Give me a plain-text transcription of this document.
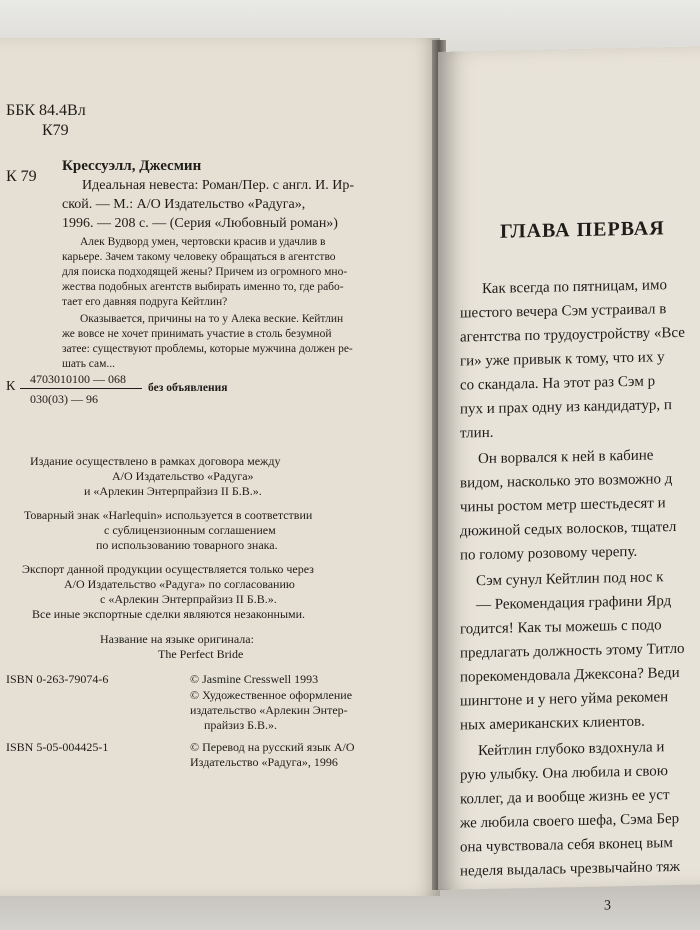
ББК 84.4Вл
К79
К 79
Крессуэлл, Джесмин
Идеальная невеста: Роман/Пер. с англ. И. Ир-
ской. — М.: А/О Издательство «Радуга»,
1996. — 208 с. — (Серия «Любовный роман»)
Алек Вудворд умен, чертовски красив и удачлив в
карьере. Зачем такому человеку обращаться в агентство
для поиска подходящей жены? Причем из огромного мно-
жества подобных агентств выбирать именно то, где рабо-
тает его давняя подруга Кейтлин?
Оказывается, причины на то у Алека веские. Кейтлин
же вовсе не хочет принимать участие в столь безумной
затее: существуют проблемы, которые мужчина должен ре-
шать сам...
К 4703010100 — 068
030(03) — 96
без объявления
Издание осуществлено в рамках договора между
А/О Издательство «Радуга»
и «Арлекин Энтерпрайзиз II Б.В.».
Товарный знак «Harlequin» используется в соответствии
с сублицензионным соглашением
по использованию товарного знака.
Экспорт данной продукции осуществляется только через
А/О Издательство «Радуга» по согласованию
с «Арлекин Энтерпрайзиз II Б.В.».
Все иные экспортные сделки являются незаконными.
Название на языке оригинала:
The Perfect Bride
ISBN 0-263-79074-6	© Jasmine Cresswell 1993
© Художественное оформление
издательство «Арлекин Энтер-
прайзиз Б.В.».
ISBN 5-05-004425-1	© Перевод на русский язык А/О
Издательство «Радуга», 1996
ГЛАВА ПЕРВАЯ
Как всегда по пятницам, имо
шестого вечера Сэм устраивал в
агентства по трудоустройству «Все
ги» уже привык к тому, что их у
со скандала. На этот раз Сэм р
пух и прах одну из кандидатур, п
тлин.
Он ворвался к ней в кабине
видом, насколько это возможно д
чины ростом метр шестьдесят и
дюжиной седых волосков, тщател
по голому розовому черепу.
Сэм сунул Кейтлин под нос к
— Рекомендация графини Ярд
годится! Как ты можешь с подо
предлагать должность этому Титло
порекомендовала Джексона? Веди
шингтоне и у него уйма рекомен
ных американских клиентов.
Кейтлин глубоко вздохнула и
рую улыбку. Она любила и свою
коллег, да и вообще жизнь ее уст
же любила своего шефа, Сэма Бер
она чувствовала себя вконец вым
неделя выдалась чрезвычайно тяж
3
